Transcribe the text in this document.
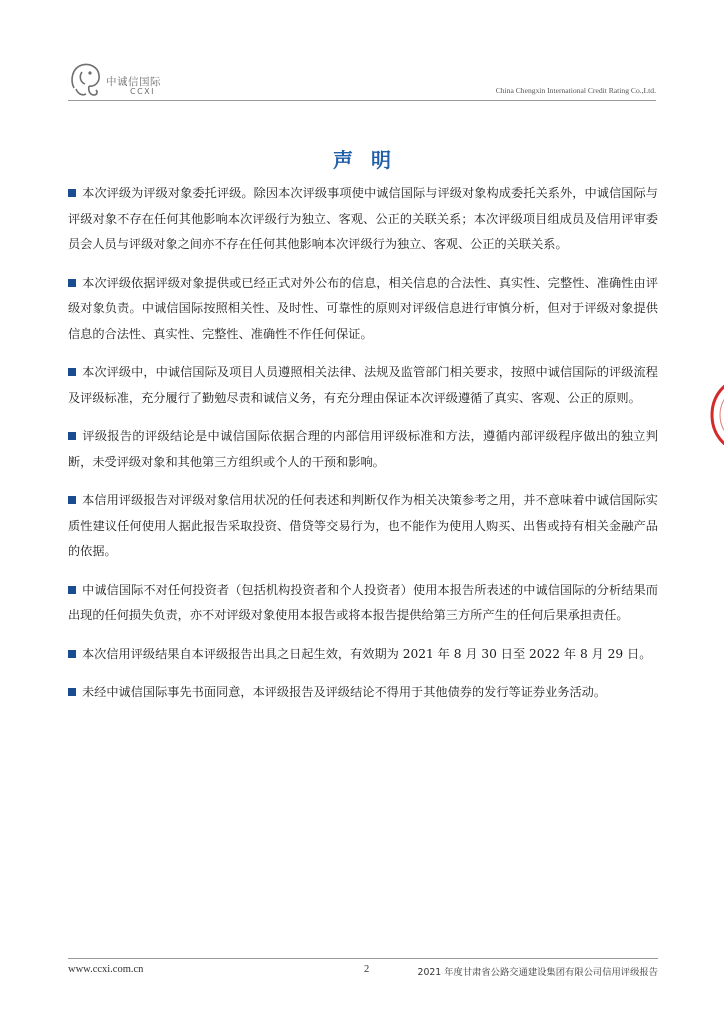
中诚信国际
CCXI	China Chengxin International Credit Rating Co.,Ltd.
声明

本次评级为评级对象委托评级。除因本次评级事项使中诚信国际与评级对象构成委托关系外，中诚信国际与评级对象不存在任何其他影响本次评级行为独立、客观、公正的关联关系；本次评级项目组成员及信用评审委员会人员与评级对象之间亦不存在任何其他影响本次评级行为独立、客观、公正的关联关系。

本次评级依据评级对象提供或已经正式对外公布的信息，相关信息的合法性、真实性、完整性、准确性由评级对象负责。中诚信国际按照相关性、及时性、可靠性的原则对评级信息进行审慎分析，但对于评级对象提供信息的合法性、真实性、完整性、准确性不作任何保证。

本次评级中，中诚信国际及项目人员遵照相关法律、法规及监管部门相关要求，按照中诚信国际的评级流程及评级标准，充分履行了勤勉尽责和诚信义务，有充分理由保证本次评级遵循了真实、客观、公正的原则。

评级报告的评级结论是中诚信国际依据合理的内部信用评级标准和方法，遵循内部评级程序做出的独立判断，未受评级对象和其他第三方组织或个人的干预和影响。

本信用评级报告对评级对象信用状况的任何表述和判断仅作为相关决策参考之用，并不意味着中诚信国际实质性建议任何使用人据此报告采取投资、借贷等交易行为，也不能作为使用人购买、出售或持有相关金融产品的依据。

中诚信国际不对任何投资者（包括机构投资者和个人投资者）使用本报告所表述的中诚信国际的分析结果而出现的任何损失负责，亦不对评级对象使用本报告或将本报告提供给第三方所产生的任何后果承担责任。

本次信用评级结果自本评级报告出具之日起生效，有效期为 2021 年 8 月 30 日至 2022 年 8 月 29 日。

未经中诚信国际事先书面同意，本评级报告及评级结论不得用于其他债券的发行等证券业务活动。

www.ccxi.com.cn	2	2021 年度甘肃省公路交通建设集团有限公司信用评级报告
